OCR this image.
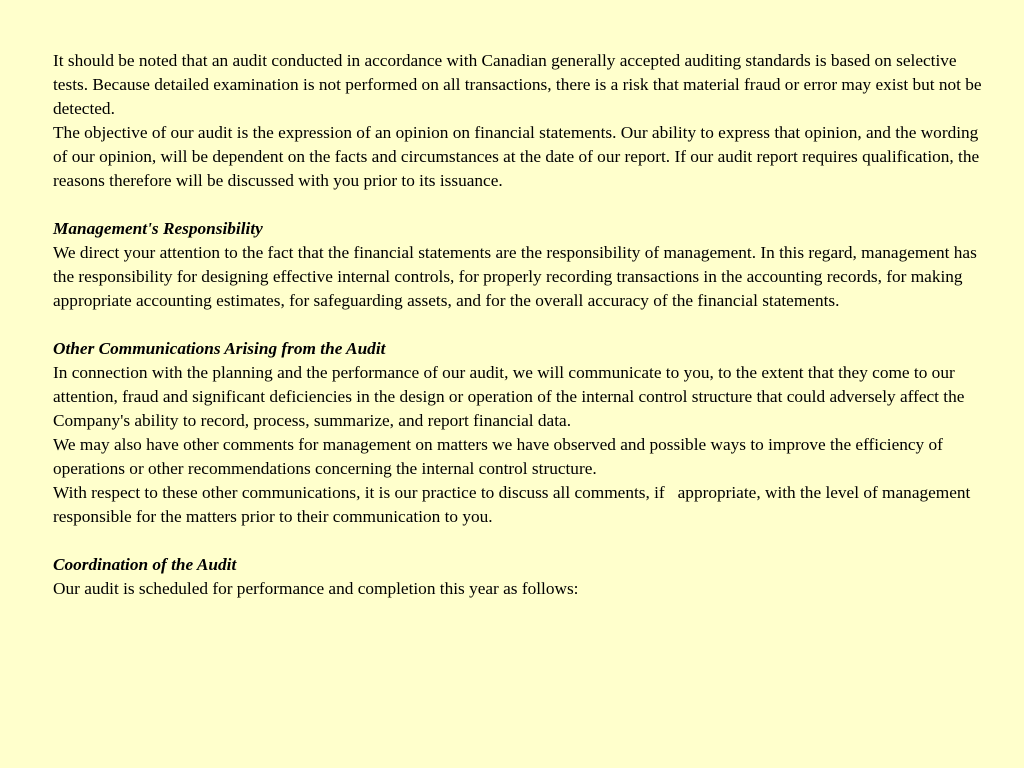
It should be noted that an audit conducted in accordance with Canadian generally accepted auditing standards is based on selective tests. Because detailed examination is not performed on all transactions, there is a risk that material fraud or error may exist but not be detected.

The objective of our audit is the expression of an opinion on financial statements. Our ability to express that opinion, and the wording of our opinion, will be dependent on the facts and circumstances at the date of our report. If our audit report requires qualification, the reasons therefore will be discussed with you prior to its issuance.

Management's Responsibility

We direct your attention to the fact that the financial statements are the responsibility of management. In this regard, management has the responsibility for designing effective internal controls, for properly recording transactions in the accounting records, for making appropriate accounting estimates, for safeguarding assets, and for the overall accuracy of the financial statements.

Other Communications Arising from the Audit

In connection with the planning and the performance of our audit, we will communicate to you, to the extent that they come to our attention, fraud and significant deficiencies in the design or operation of the internal control structure that could adversely affect the Company's ability to record, process, summarize, and report financial data.

We may also have other comments for management on matters we have observed and possible ways to improve the efficiency of operations or other recommendations concerning the internal control structure.

With respect to these other communications, it is our practice to discuss all comments, if   appropriate, with the level of management responsible for the matters prior to their communication to you.

Coordination of the Audit

Our audit is scheduled for performance and completion this year as follows:
